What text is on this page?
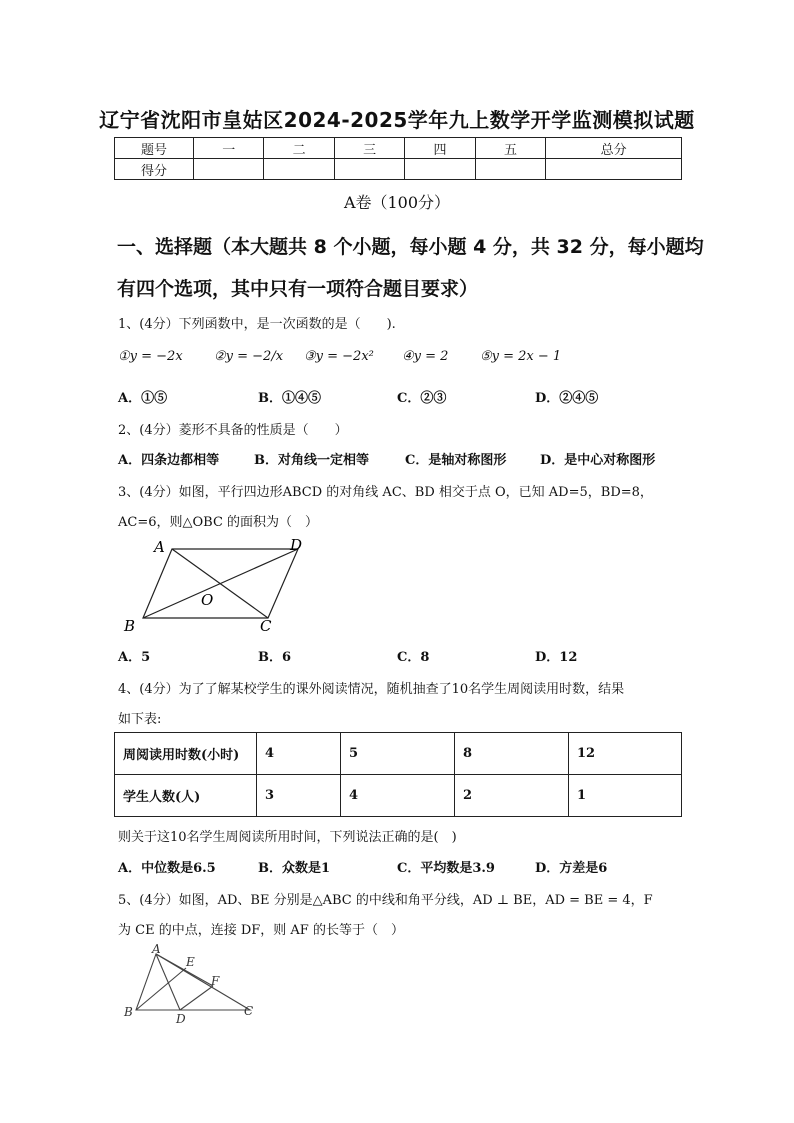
辽宁省沈阳市皇姑区2024-2025学年九上数学开学监测模拟试题
题号	一	二	三	四	五	总分
得分						
A卷（100分）
一、选择题（本大题共 8 个小题，每小题 4 分，共 32 分，每小题均
有四个选项，其中只有一项符合题目要求）
1、(4分）下列函数中，是一次函数的是（　　).
①y = −2x ②y = −2/x ③y = −2x² ④y = 2 ⑤y = 2x − 1
A．①⑤	B．①④⑤	C．②③	D．②④⑤
2、(4分）菱形不具备的性质是（　　）
A．四条边都相等	B．对角线一定相等	C．是轴对称图形	D．是中心对称图形
3、(4分）如图，平行四边形ABCD 的对角线 AC、BD 相交于点 O，已知 AD=5，BD=8，
AC=6，则△OBC 的面积为（　）
A	D
O
B	C
A．5	B．6	C．8	D．12
4、(4分）为了了解某校学生的课外阅读情况，随机抽查了10名学生周阅读用时数，结果
如下表:
周阅读用时数(小时)	4	5	8	12
学生人数(人)	3	4	2	1
则关于这10名学生周阅读所用时间，下列说法正确的是(　)
A．中位数是6.5	B．众数是1	C．平均数是3.9	D．方差是6
5、(4分）如图，AD、BE 分别是△ABC 的中线和角平分线，AD ⊥ BE，AD = BE = 4，F
为 CE 的中点，连接 DF，则 AF 的长等于（　）
A
E
F
B	D
C
